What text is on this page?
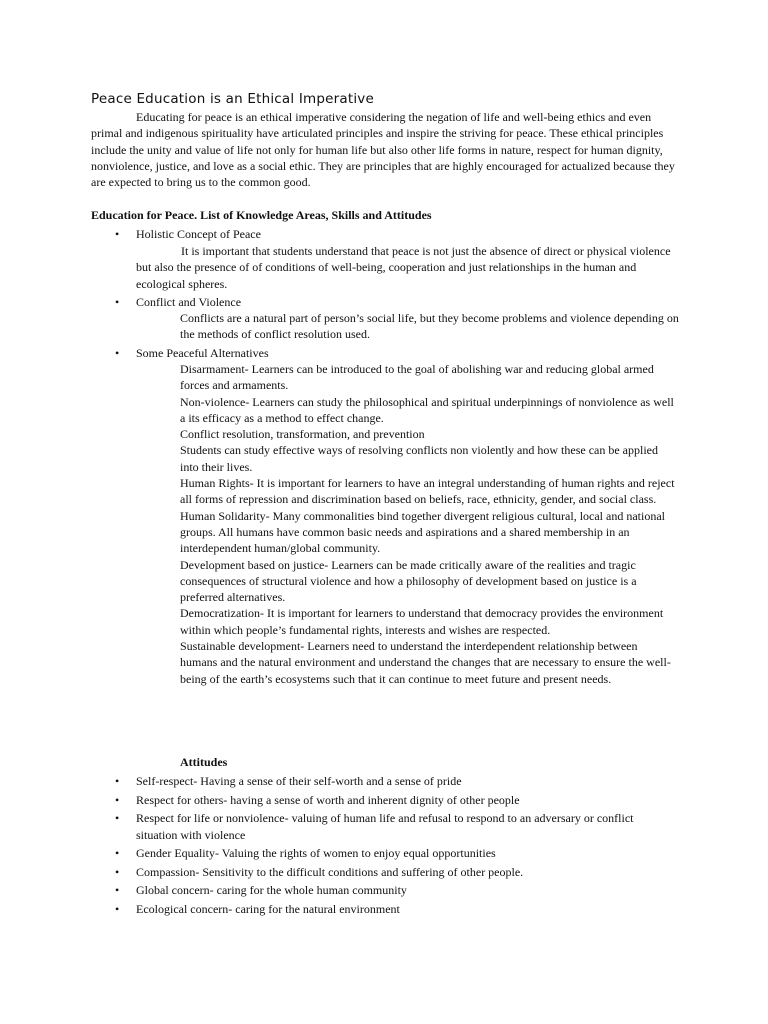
Peace Education is an Ethical Imperative

Educating for peace is an ethical imperative considering the negation of life and well-being ethics and even primal and indigenous spirituality have articulated principles and inspire the striving for peace. These ethical principles include the unity and value of life not only for human life but also other life forms in nature, respect for human dignity, nonviolence, justice, and love as a social ethic. They are principles that are highly encouraged for actualized because they are expected to bring us to the common good.

Education for Peace. List of Knowledge Areas, Skills and Attitudes
• Holistic Concept of Peace

It is important that students understand that peace is not just the absence of direct or physical violence but also the presence of of conditions of well-being, cooperation and just relationships in the human and ecological spheres.

• Conflict and Violence

Conflicts are a natural part of person’s social life, but they become problems and violence depending on the methods of conflict resolution used.

• Some Peaceful Alternatives

Disarmament- Learners can be introduced to the goal of abolishing war and reducing global armed forces and armaments.

Non-violence- Learners can study the philosophical and spiritual underpinnings of nonviolence as well a its efficacy as a method to effect change.

Conflict resolution, transformation, and prevention

Students can study effective ways of resolving conflicts non violently and how these can be applied into their lives.

Human Rights- It is important for learners to have an integral understanding of human rights and reject all forms of repression and discrimination based on beliefs, race, ethnicity, gender, and social class.

Human Solidarity- Many commonalities bind together divergent religious cultural, local and national groups. All humans have common basic needs and aspirations and a shared membership in an interdependent human/global community.

Development based on justice- Learners can be made critically aware of the realities and tragic consequences of structural violence and how a philosophy of development based on justice is a preferred alternatives.

Democratization- It is important for learners to understand that democracy provides the environment within which people’s fundamental rights, interests and wishes are respected.

Sustainable development- Learners need to understand the interdependent relationship between humans and the natural environment and understand the changes that are necessary to ensure the well-being of the earth’s ecosystems such that it can continue to meet future and present needs.

Attitudes
• Self-respect- Having a sense of their self-worth and a sense of pride
• Respect for others- having a sense of worth and inherent dignity of other people
• Respect for life or nonviolence- valuing of human life and refusal to respond to an adversary or conflict situation with violence
• Gender Equality- Valuing the rights of women to enjoy equal opportunities
• Compassion- Sensitivity to the difficult conditions and suffering of other people.
• Global concern- caring for the whole human community
• Ecological concern- caring for the natural environment
